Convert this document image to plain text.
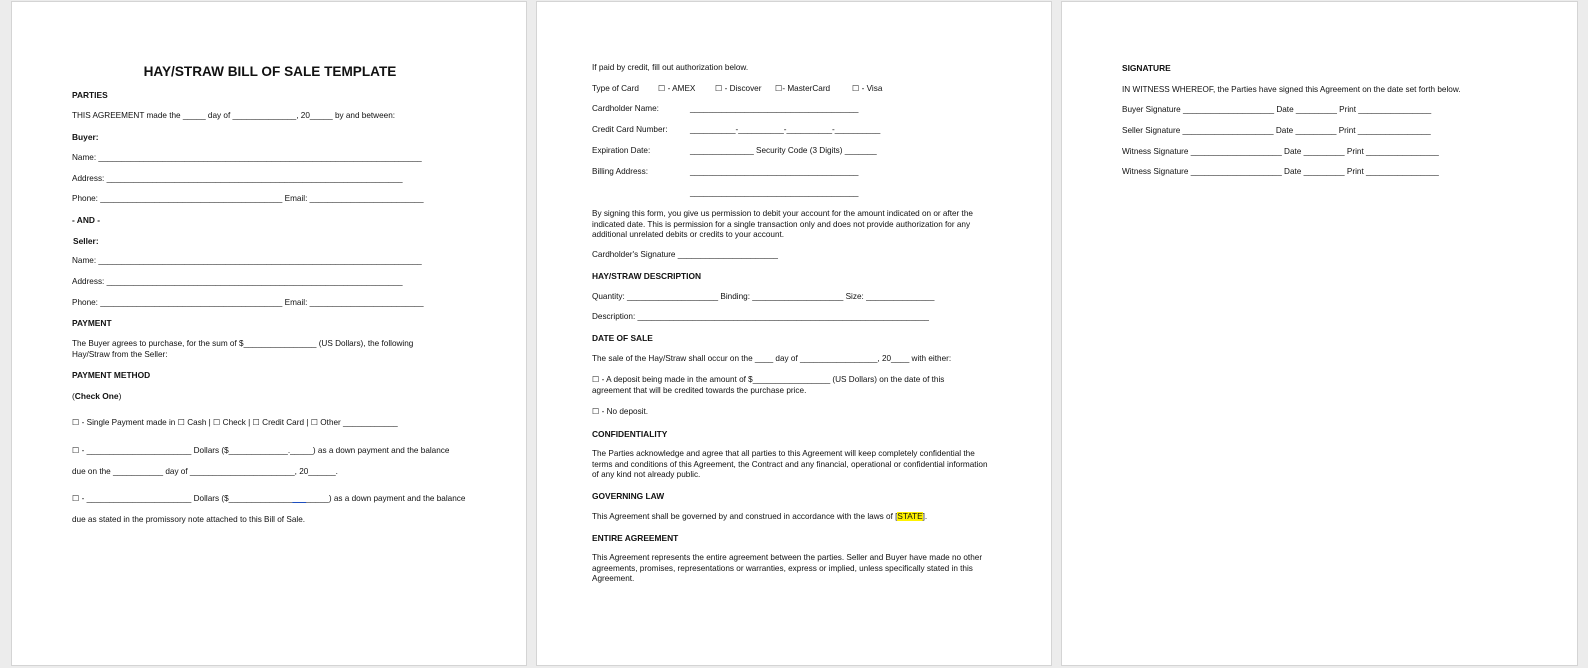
HAY/STRAW BILL OF SALE TEMPLATE
PARTIES
THIS AGREEMENT made the _____ day of ______________, 20_____ by and between:
Buyer:
Name: _______________________________________________________________________
Address: _________________________________________________________________
Phone: ________________________________________ Email: _________________________
- AND -
Seller:
Name: _______________________________________________________________________
Address: _________________________________________________________________
Phone: ________________________________________ Email: _________________________
PAYMENT
The Buyer agrees to purchase, for the sum of $________________ (US Dollars), the following Hay/Straw from the Seller:
PAYMENT METHOD
(Check One)
☐ - Single Payment made in ☐ Cash | ☐ Check | ☐ Credit Card | ☐ Other ____________
☐ - _______________________ Dollars ($_____________._____) as a down payment and the balance
due on the ___________ day of _______________________, 20______.
☐ - _______________________ Dollars ($______________________) as a down payment and the balance
due as stated in the promissory note attached to this Bill of Sale.
If paid by credit, fill out authorization below.
Type of Card ☐ - AMEX ☐ - Discover ☐- MasterCard	☐ - Visa
Cardholder Name:	_____________________________________
Credit Card Number:	__________-__________-__________-__________
Expiration Date:	______________ Security Code (3 Digits) _______
Billing Address:	_____________________________________
_____________________________________
By signing this form, you give us permission to debit your account for the amount indicated on or after the indicated date. This is permission for a single transaction only and does not provide authorization for any additional unrelated debits or credits to your account.
Cardholder's Signature ______________________
HAY/STRAW DESCRIPTION
Quantity: ____________________ Binding: ____________________ Size: _______________
Description: ________________________________________________________________
DATE OF SALE
The sale of the Hay/Straw shall occur on the ____ day of _________________, 20____ with either:
☐ - A deposit being made in the amount of $_________________ (US Dollars) on the date of this agreement that will be credited towards the purchase price.
☐ - No deposit.
CONFIDENTIALITY
The Parties acknowledge and agree that all parties to this Agreement will keep completely confidential the terms and conditions of this Agreement, the Contract and any financial, operational or confidential information of any kind not already public.
GOVERNING LAW
This Agreement shall be governed by and construed in accordance with the laws of [STATE].
ENTIRE AGREEMENT
This Agreement represents the entire agreement between the parties. Seller and Buyer have made no other agreements, promises, representations or warranties, express or implied, unless specifically stated in this Agreement.
SIGNATURE
IN WITNESS WHEREOF, the Parties have signed this Agreement on the date set forth below.
Buyer Signature ____________________ Date _________ Print ________________
Seller Signature ____________________ Date _________ Print ________________
Witness Signature ____________________ Date _________ Print ________________
Witness Signature ____________________ Date _________ Print ________________
